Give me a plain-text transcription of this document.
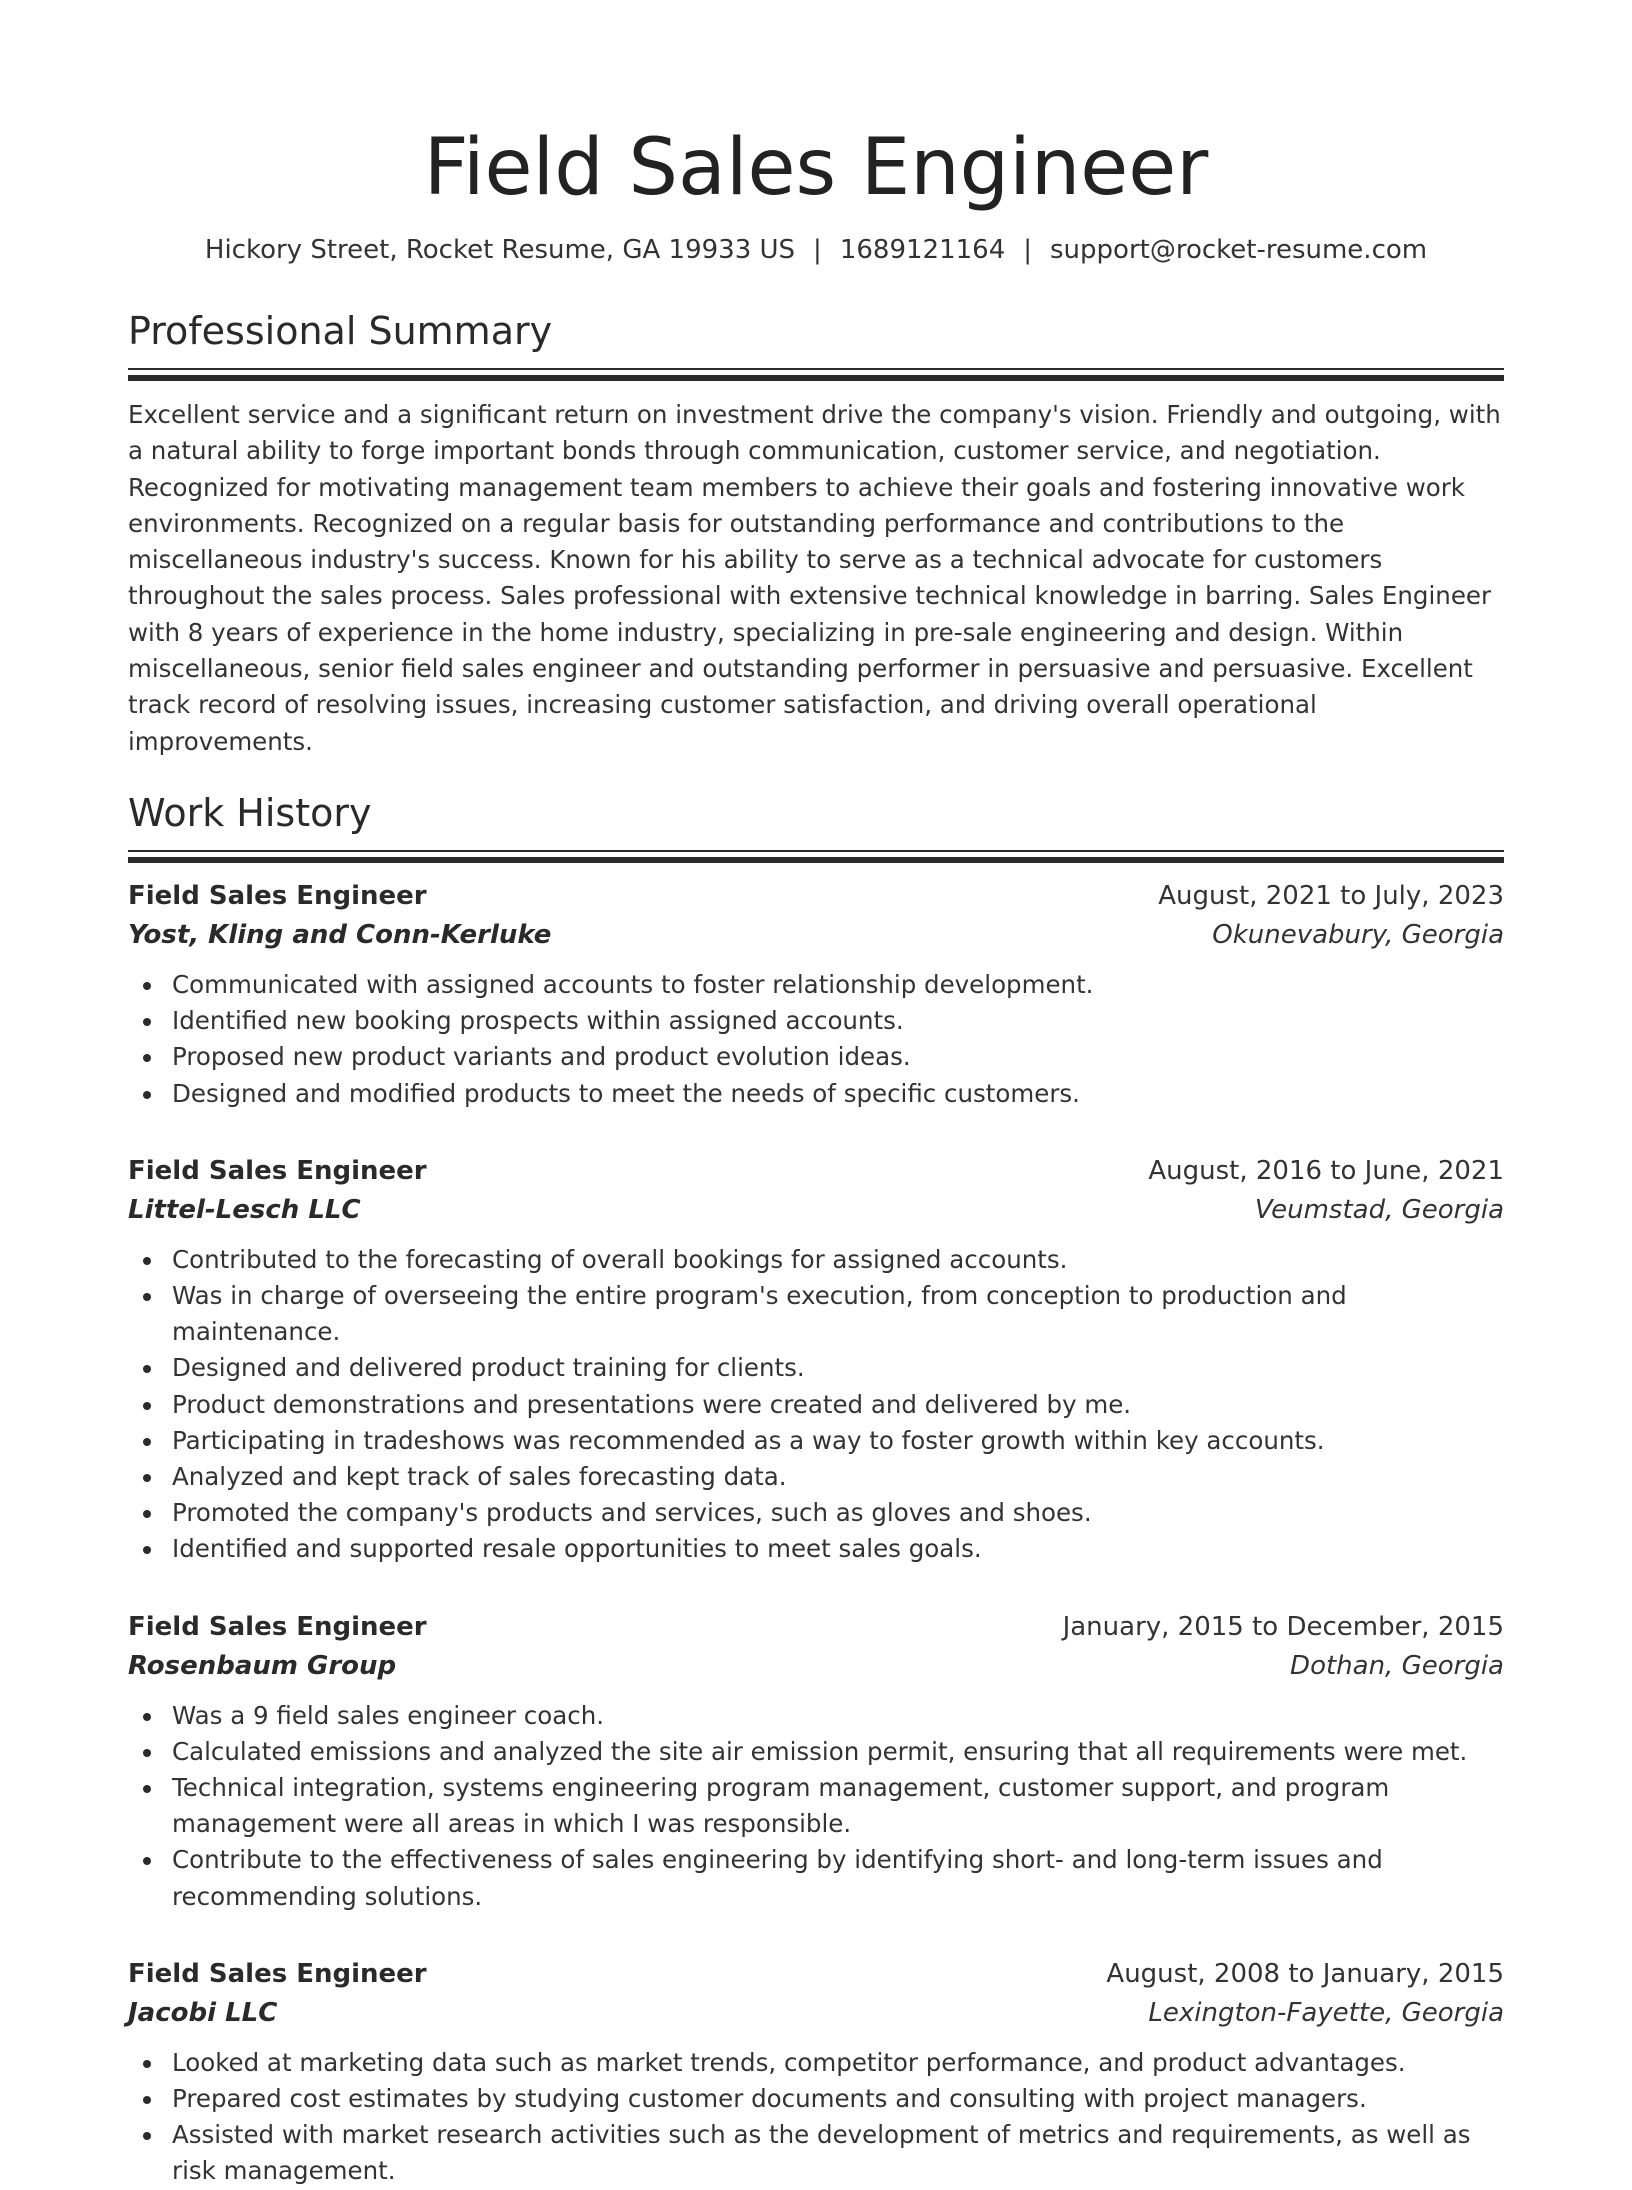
Field Sales Engineer
Hickory Street, Rocket Resume, GA 19933 US | 1689121164 | support@rocket-resume.com
Professional Summary

Excellent service and a significant return on investment drive the company's vision. Friendly and outgoing, with a natural ability to forge important bonds through communication, customer service, and negotiation. Recognized for motivating management team members to achieve their goals and fostering innovative work environments. Recognized on a regular basis for outstanding performance and contributions to the miscellaneous industry's success. Known for his ability to serve as a technical advocate for customers throughout the sales process. Sales professional with extensive technical knowledge in barring. Sales Engineer with 8 years of experience in the home industry, specializing in pre-sale engineering and design. Within miscellaneous, senior field sales engineer and outstanding performer in persuasive and persuasive. Excellent track record of resolving issues, increasing customer satisfaction, and driving overall operational improvements.

Work History
Field Sales Engineer	August, 2021 to July, 2023
Yost, Kling and Conn-Kerluke	Okunevabury, Georgia
Communicated with assigned accounts to foster relationship development.
Identified new booking prospects within assigned accounts.
Proposed new product variants and product evolution ideas.
Designed and modified products to meet the needs of specific customers.
Field Sales Engineer	August, 2016 to June, 2021
Littel-Lesch LLC	Veumstad, Georgia
Contributed to the forecasting of overall bookings for assigned accounts.
Was in charge of overseeing the entire program's execution, from conception to production and maintenance.
Designed and delivered product training for clients.
Product demonstrations and presentations were created and delivered by me.
Participating in tradeshows was recommended as a way to foster growth within key accounts.
Analyzed and kept track of sales forecasting data.
Promoted the company's products and services, such as gloves and shoes.
Identified and supported resale opportunities to meet sales goals.
Field Sales Engineer	January, 2015 to December, 2015
Rosenbaum Group	Dothan, Georgia
Was a 9 field sales engineer coach.
Calculated emissions and analyzed the site air emission permit, ensuring that all requirements were met.
Technical integration, systems engineering program management, customer support, and program management were all areas in which I was responsible.
Contribute to the effectiveness of sales engineering by identifying short- and long-term issues and recommending solutions.
Field Sales Engineer	August, 2008 to January, 2015
Jacobi LLC	Lexington-Fayette, Georgia
Looked at marketing data such as market trends, competitor performance, and product advantages.
Prepared cost estimates by studying customer documents and consulting with project managers.
Assisted with market research activities such as the development of metrics and requirements, as well as risk management.
